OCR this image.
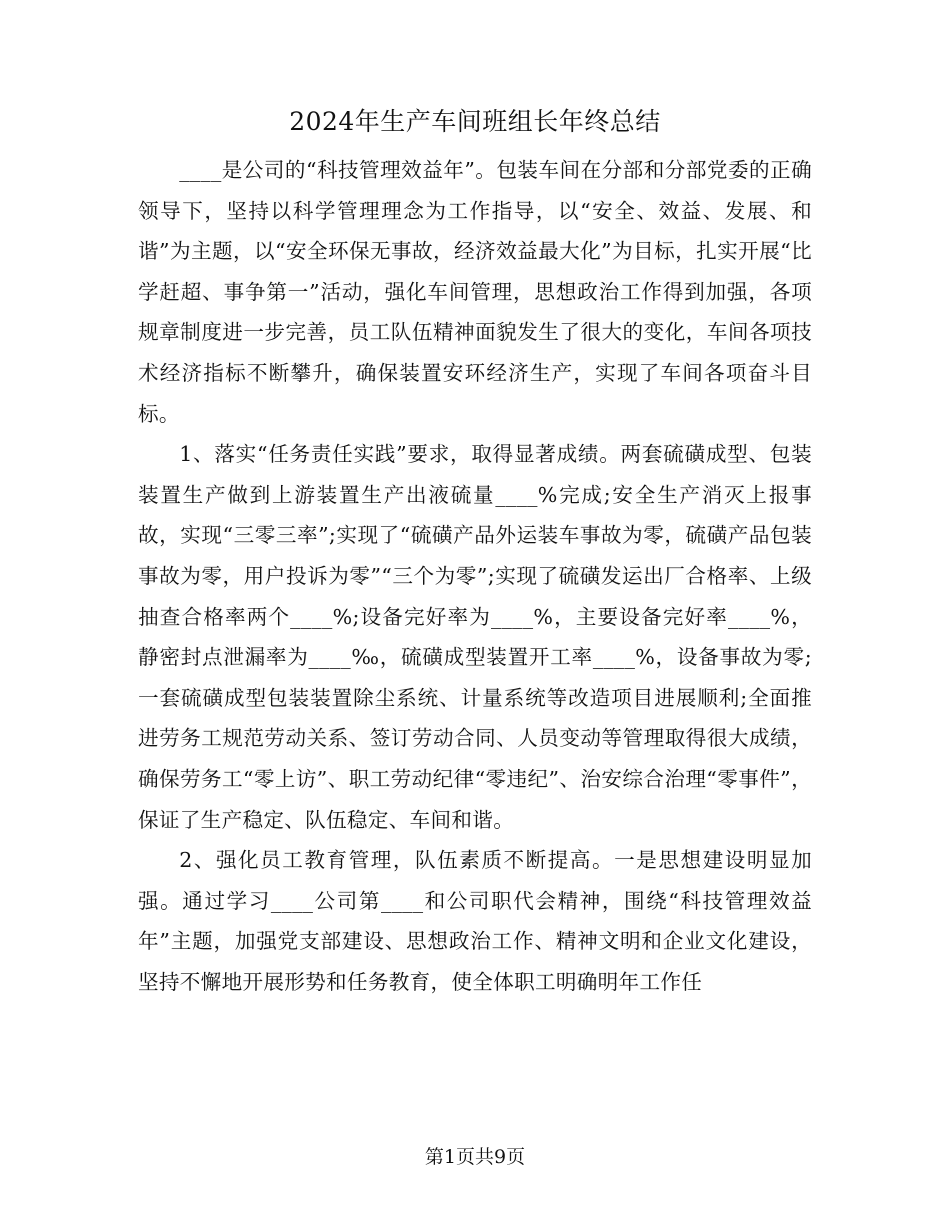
2024年生产车间班组长年终总结

____是公司的“科技管理效益年”。包装车间在分部和分部党委的正确领导下，坚持以科学管理理念为工作指导，以“安全、效益、发展、和谐”为主题，以“安全环保无事故，经济效益最大化”为目标，扎实开展“比学赶超、事争第一”活动，强化车间管理，思想政治工作得到加强，各项规章制度进一步完善，员工队伍精神面貌发生了很大的变化，车间各项技术经济指标不断攀升，确保装置安环经济生产，实现了车间各项奋斗目标。

1、落实“任务责任实践”要求，取得显著成绩。两套硫磺成型、包装装置生产做到上游装置生产出液硫量____%完成;安全生产消灭上报事故，实现“三零三率”;实现了“硫磺产品外运装车事故为零，硫磺产品包装事故为零，用户投诉为零”“三个为零”;实现了硫磺发运出厂合格率、上级抽查合格率两个____%;设备完好率为____%，主要设备完好率____%，静密封点泄漏率为____‰，硫磺成型装置开工率____%，设备事故为零;一套硫磺成型包装装置除尘系统、计量系统等改造项目进展顺利;全面推进劳务工规范劳动关系、签订劳动合同、人员变动等管理取得很大成绩，确保劳务工“零上访”、职工劳动纪律“零违纪”、治安综合治理“零事件”，保证了生产稳定、队伍稳定、车间和谐。

2、强化员工教育管理，队伍素质不断提高。一是思想建设明显加强。通过学习____公司第____和公司职代会精神，围绕“科技管理效益年”主题，加强党支部建设、思想政治工作、精神文明和企业文化建设，坚持不懈地开展形势和任务教育，使全体职工明确明年工作任

第1页共9页
